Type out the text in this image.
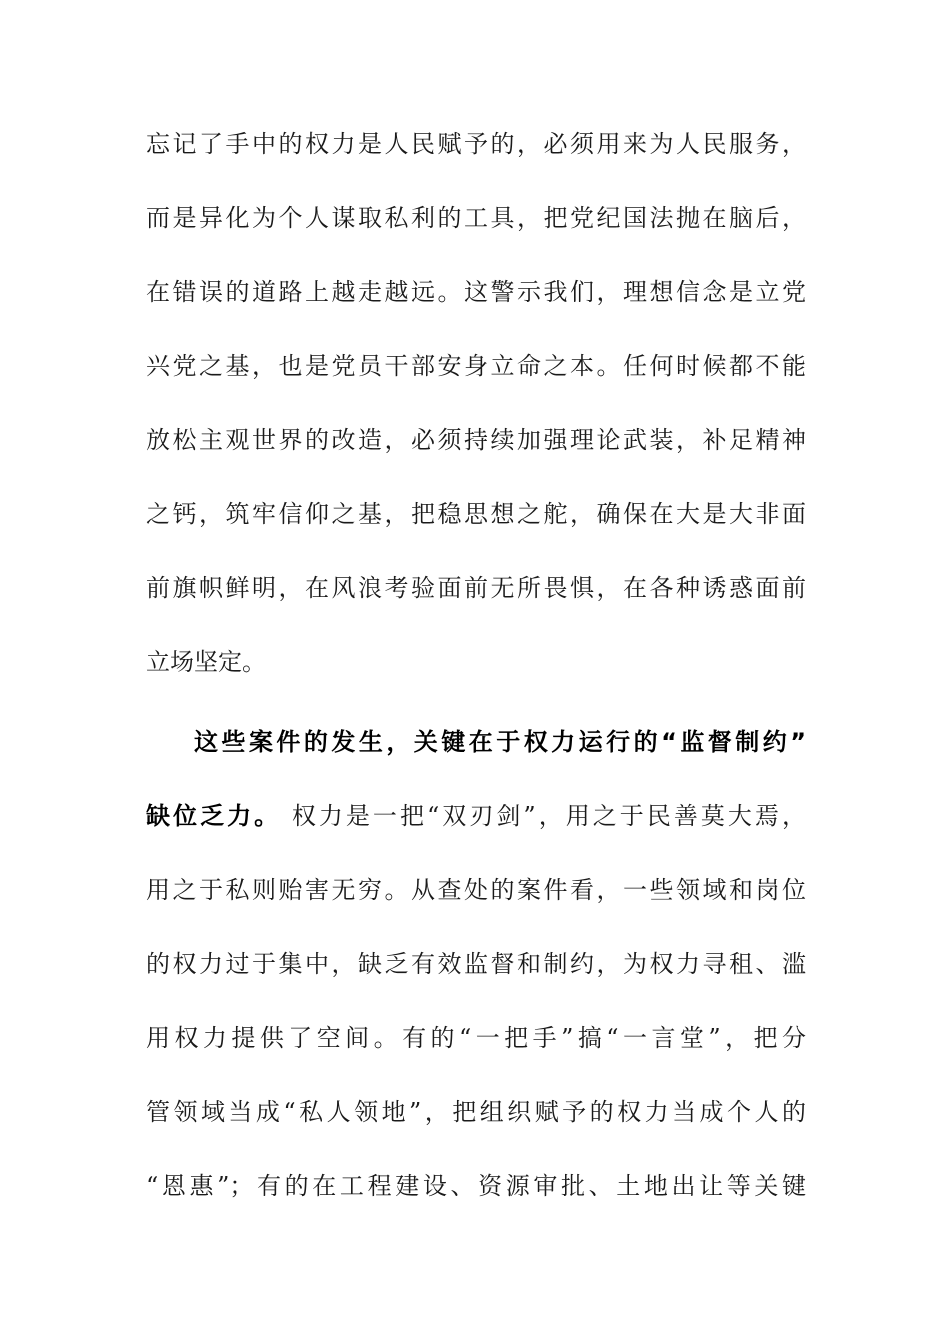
忘记了手中的权力是人民赋予的，必须用来为人民服务，
而是异化为个人谋取私利的工具，把党纪国法抛在脑后，
在错误的道路上越走越远。这警示我们，理想信念是立党
兴党之基，也是党员干部安身立命之本。任何时候都不能
放松主观世界的改造，必须持续加强理论武装，补足精神
之钙，筑牢信仰之基，把稳思想之舵，确保在大是大非面
前旗帜鲜明，在风浪考验面前无所畏惧，在各种诱惑面前
立场坚定。
这些案件的发生，关键在于权力运行的“监督制约”
缺位乏力。 权力是一把“双刃剑”，用之于民善莫大焉，
用之于私则贻害无穷。从查处的案件看，一些领域和岗位
的权力过于集中，缺乏有效监督和制约，为权力寻租、滥
用权力提供了空间。有的“一把手”搞“一言堂”，把分
管领域当成“私人领地”，把组织赋予的权力当成个人的
“恩惠”；有的在工程建设、资源审批、土地出让等关键
